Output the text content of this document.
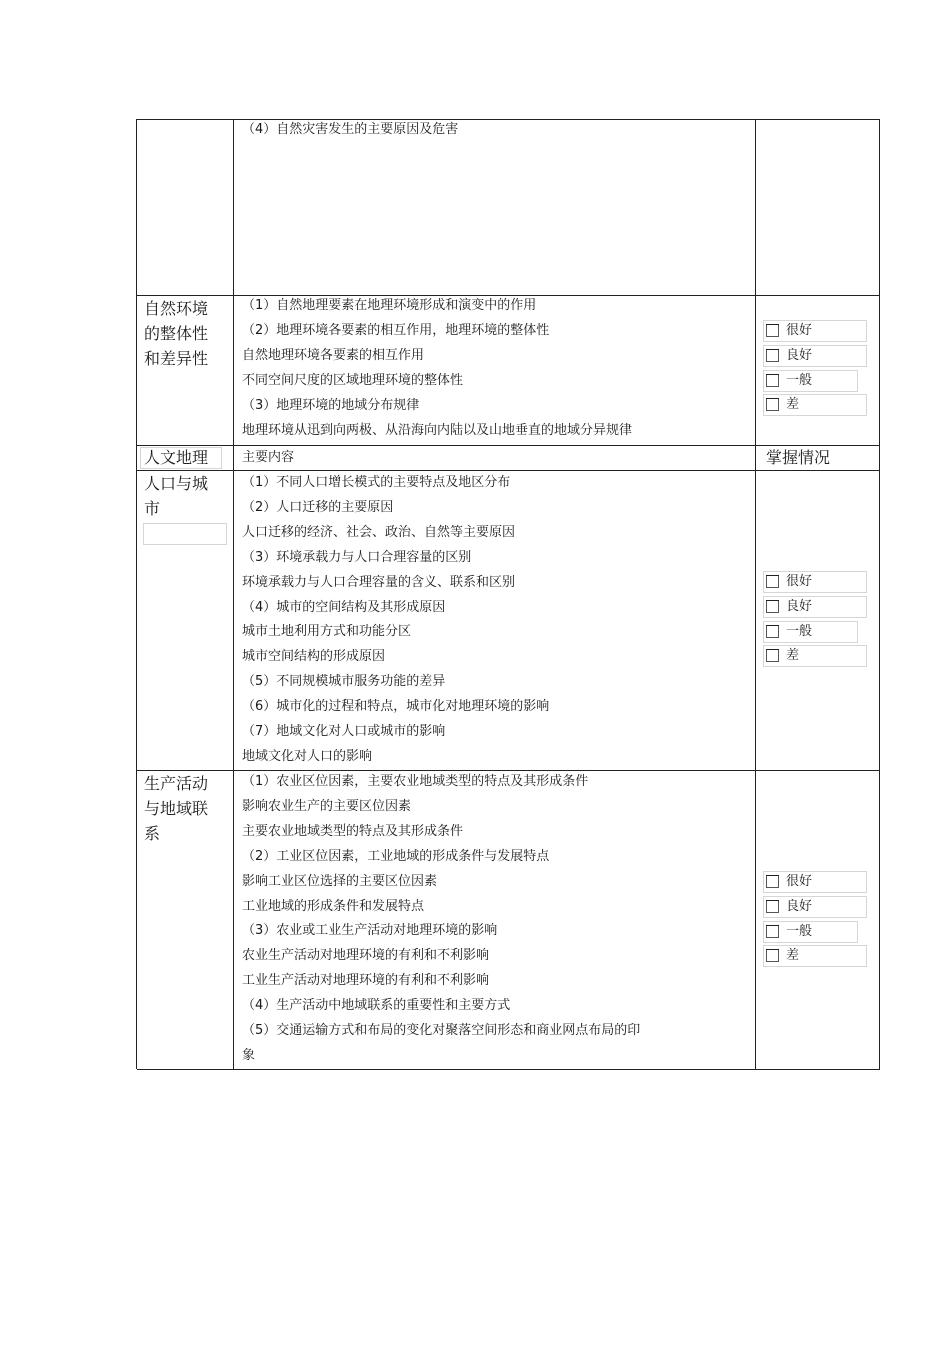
（4）自然灾害发生的主要原因及危害
自然环境
的整体性
和差异性
（1）自然地理要素在地理环境形成和演变中的作用
（2）地理环境各要素的相互作用，地理环境的整体性
自然地理环境各要素的相互作用
不同空间尺度的区域地理环境的整体性
（3）地理环境的地域分布规律
地理环境从迅到向两极、从沿海向内陆以及山地垂直的地域分异规律
很好
良好
一般
差
人文地理	主要内容	掌握情况
人口与城
市
（1）不同人口增长模式的主要特点及地区分布
（2）人口迁移的主要原因
人口迁移的经济、社会、政治、自然等主要原因
（3）环境承载力与人口合理容量的区别
环境承载力与人口合理容量的含义、联系和区别
（4）城市的空间结构及其形成原因
城市土地利用方式和功能分区
城市空间结构的形成原因
（5）不同规模城市服务功能的差异
（6）城市化的过程和特点，城市化对地理环境的影响
（7）地域文化对人口或城市的影响
地域文化对人口的影响
很好
良好
一般
差
生产活动
与地域联
系
（1）农业区位因素，主要农业地域类型的特点及其形成条件
影响农业生产的主要区位因素
主要农业地域类型的特点及其形成条件
（2）工业区位因素，工业地域的形成条件与发展特点
影响工业区位选择的主要区位因素
工业地域的形成条件和发展特点
（3）农业或工业生产活动对地理环境的影响
农业生产活动对地理环境的有利和不利影响
工业生产活动对地理环境的有利和不利影响
（4）生产活动中地域联系的重要性和主要方式
（5）交通运输方式和布局的变化对聚落空间形态和商业网点布局的印
象
很好
良好
一般
差
